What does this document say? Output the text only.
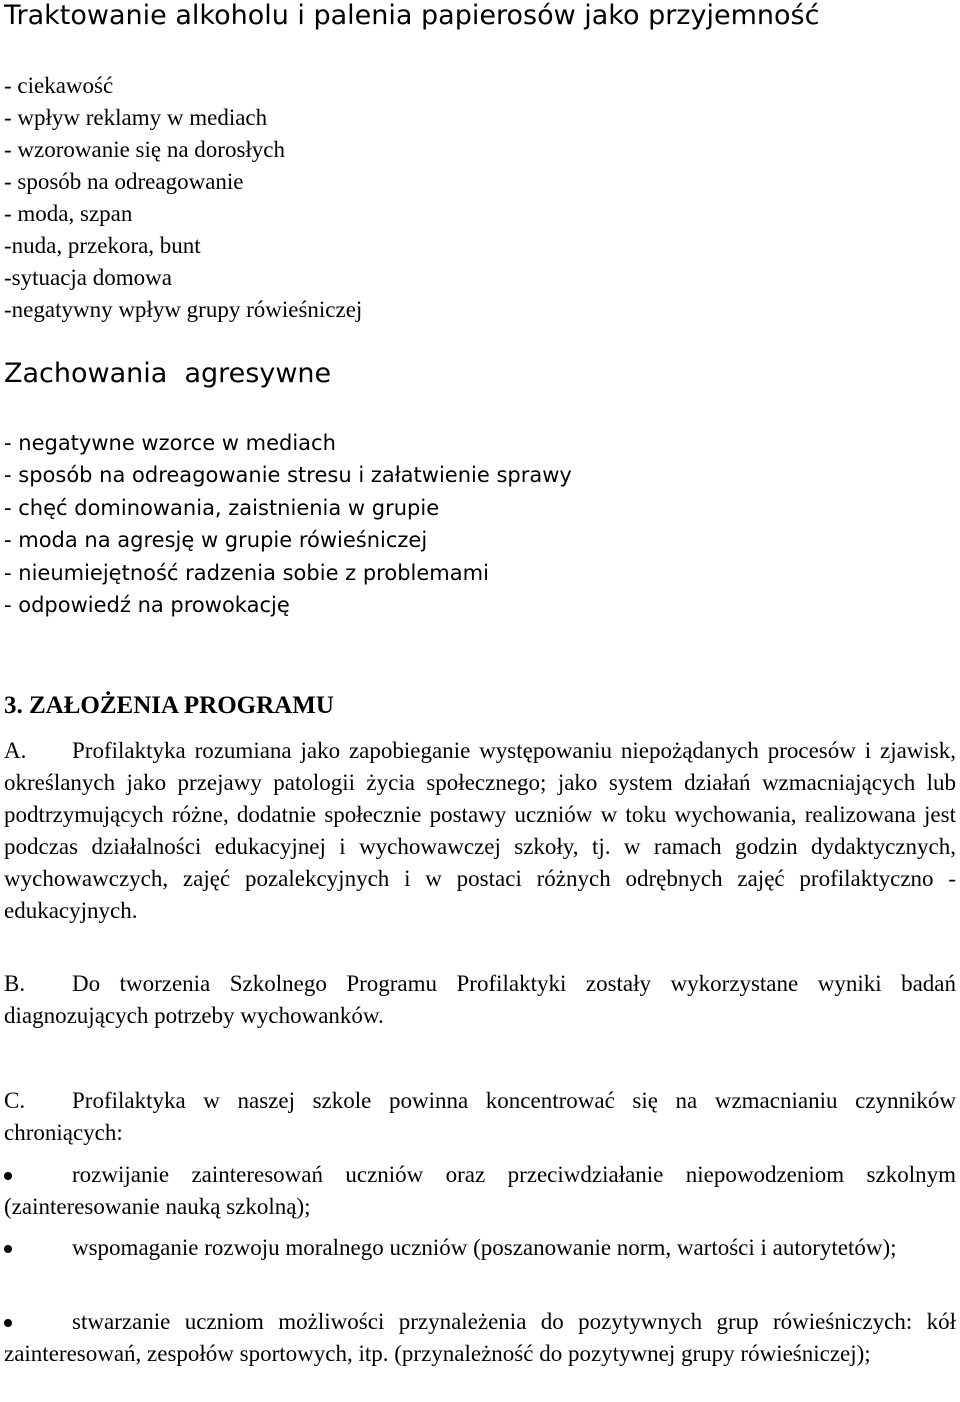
Traktowanie alkoholu i palenia papierosów jako przyjemność
- ciekawość
- wpływ reklamy w mediach
- wzorowanie się na dorosłych
- sposób na odreagowanie
- moda, szpan
-nuda, przekora, bunt
-sytuacja domowa
-negatywny wpływ grupy rówieśniczej
Zachowania  agresywne
- negatywne wzorce w mediach
- sposób na odreagowanie stresu i załatwienie sprawy
- chęć dominowania, zaistnienia w grupie
- moda na agresję w grupie rówieśniczej
- nieumiejętność radzenia sobie z problemami
- odpowiedź na prowokację
3. ZAŁOŻENIA PROGRAMU
A. Profilaktyka rozumiana jako zapobieganie występowaniu niepożądanych procesów i zjawisk, określanych jako przejawy patologii życia społecznego; jako system działań wzmacniających lub podtrzymujących różne, dodatnie społecznie postawy uczniów w toku wychowania, realizowana jest podczas działalności edukacyjnej i wychowawczej szkoły, tj. w ramach godzin dydaktycznych, wychowawczych, zajęć pozalekcyjnych i w postaci różnych odrębnych zajęć profilaktyczno - edukacyjnych.
B. Do tworzenia Szkolnego Programu Profilaktyki zostały wykorzystane wyniki badań diagnozujących potrzeby wychowanków.
C. Profilaktyka w naszej szkole powinna koncentrować się na wzmacnianiu czynników chroniących:
rozwijanie zainteresowań uczniów oraz przeciwdziałanie niepowodzeniom szkolnym (zainteresowanie nauką szkolną);
wspomaganie rozwoju moralnego uczniów (poszanowanie norm, wartości i autorytetów);
stwarzanie uczniom możliwości przynależenia do pozytywnych grup rówieśniczych: kół zainteresowań, zespołów sportowych, itp. (przynależność do pozytywnej grupy rówieśniczej);
